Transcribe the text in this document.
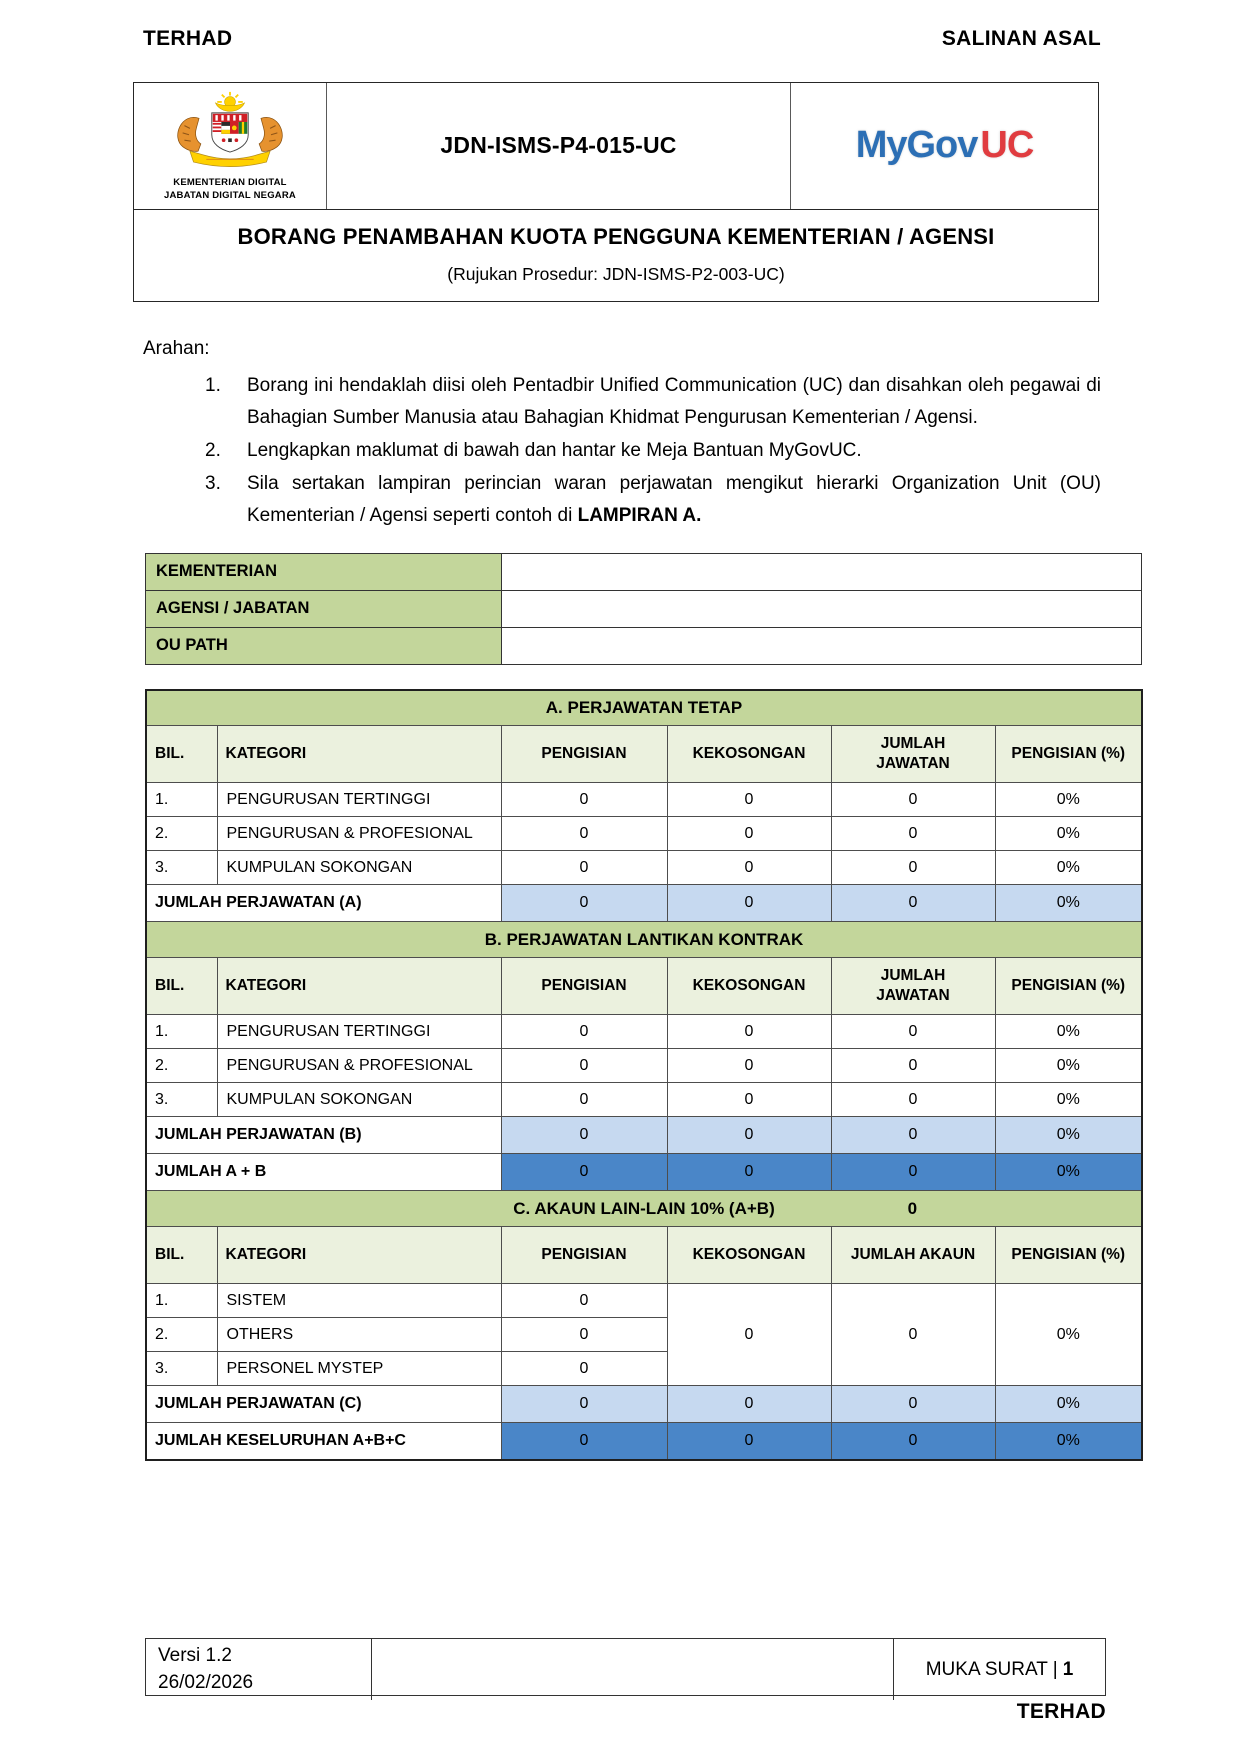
TERHAD	SALINAN ASAL
KEMENTERIAN DIGITAL
JABATAN DIGITAL NEGARA
JDN-ISMS-P4-015-UC	My Gov UC
BORANG PENAMBAHAN KUOTA PENGGUNA KEMENTERIAN / AGENSI
(Rujukan Prosedur: JDN-ISMS-P2-003-UC)
Arahan:
1.	Borang ini hendaklah diisi oleh Pentadbir Unified Communication (UC) dan disahkan oleh pegawai di Bahagian Sumber Manusia atau Bahagian Khidmat Pengurusan Kementerian / Agensi.
2.	Lengkapkan maklumat di bawah dan hantar ke Meja Bantuan MyGovUC.
3.	Sila sertakan lampiran perincian waran perjawatan mengikut hierarki Organization Unit (OU) Kementerian / Agensi seperti contoh di LAMPIRAN A.
KEMENTERIAN	
AGENSI / JABATAN	
OU PATH	
A. PERJAWATAN TETAP					
BIL.	KATEGORI	PENGISIAN	KEKOSONGAN	JUMLAH JAWATAN	PENGISIAN (%)
1.	PENGURUSAN TERTINGGI	0	0	0	0%
2.	PENGURUSAN & PROFESIONAL	0	0	0	0%
3.	KUMPULAN SOKONGAN	0	0	0	0%
JUMLAH PERJAWATAN (A)		0	0	0	0%
B. PERJAWATAN LANTIKAN KONTRAK					
BIL.	KATEGORI	PENGISIAN	KEKOSONGAN	JUMLAH JAWATAN	PENGISIAN (%)
1.	PENGURUSAN TERTINGGI	0	0	0	0%
2.	PENGURUSAN & PROFESIONAL	0	0	0	0%
3.	KUMPULAN SOKONGAN	0	0	0	0%
JUMLAH PERJAWATAN (B)		0	0	0	0%
JUMLAH A + B		0	0	0	0%
C. AKAUN LAIN-LAIN 10% (A+B) 0					

BIL.	KATEGORI	PENGISIAN	KEKOSONGAN	JUMLAH AKAUN	PENGISIAN (%)
1.	SISTEM	0	0	0	0%
2.	OTHERS	0			
3.	PERSONEL MYSTEP	0			
JUMLAH PERJAWATAN (C)		0	0	0	0%
JUMLAH KESELURUHAN A+B+C		0	0	0	0%
Versi 1.2
26/02/2026
MUKA SURAT | 1
TERHAD
